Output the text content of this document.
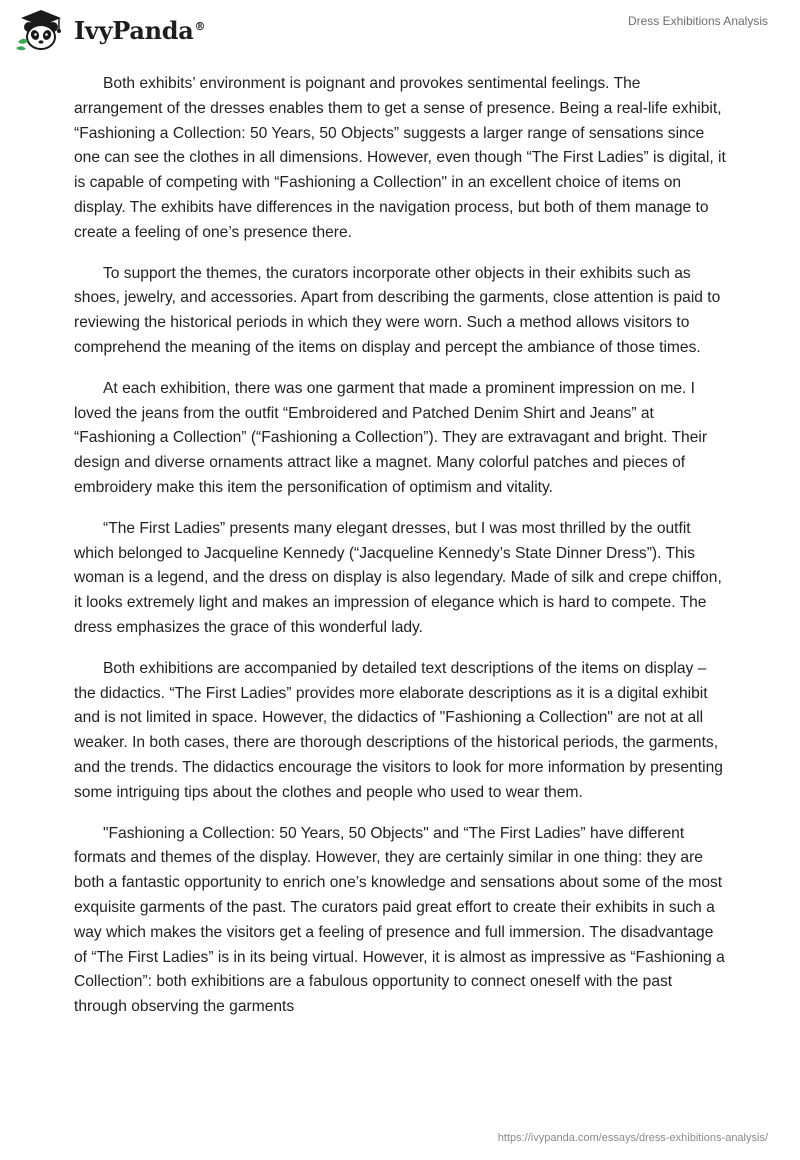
IvyPanda®	Dress Exhibitions Analysis

Both exhibits’ environment is poignant and provokes sentimental feelings. The arrangement of the dresses enables them to get a sense of presence. Being a real-life exhibit, “Fashioning a Collection: 50 Years, 50 Objects” suggests a larger range of sensations since one can see the clothes in all dimensions. However, even though “The First Ladies” is digital, it is capable of competing with “Fashioning a Collection" in an excellent choice of items on display. The exhibits have differences in the navigation process, but both of them manage to create a feeling of one’s presence there.

To support the themes, the curators incorporate other objects in their exhibits such as shoes, jewelry, and accessories. Apart from describing the garments, close attention is paid to reviewing the historical periods in which they were worn. Such a method allows visitors to comprehend the meaning of the items on display and percept the ambiance of those times.

At each exhibition, there was one garment that made a prominent impression on me. I loved the jeans from the outfit “Embroidered and Patched Denim Shirt and Jeans” at “Fashioning a Collection” (“Fashioning a Collection”). They are extravagant and bright. Their design and diverse ornaments attract like a magnet. Many colorful patches and pieces of embroidery make this item the personification of optimism and vitality.

“The First Ladies” presents many elegant dresses, but I was most thrilled by the outfit which belonged to Jacqueline Kennedy (“Jacqueline Kennedy’s State Dinner Dress”). This woman is a legend, and the dress on display is also legendary. Made of silk and crepe chiffon, it looks extremely light and makes an impression of elegance which is hard to compete. The dress emphasizes the grace of this wonderful lady.

Both exhibitions are accompanied by detailed text descriptions of the items on display – the didactics. “The First Ladies” provides more elaborate descriptions as it is a digital exhibit and is not limited in space. However, the didactics of "Fashioning a Collection" are not at all weaker. In both cases, there are thorough descriptions of the historical periods, the garments, and the trends. The didactics encourage the visitors to look for more information by presenting some intriguing tips about the clothes and people who used to wear them.

"Fashioning a Collection: 50 Years, 50 Objects" and “The First Ladies” have different formats and themes of the display. However, they are certainly similar in one thing: they are both a fantastic opportunity to enrich one’s knowledge and sensations about some of the most exquisite garments of the past. The curators paid great effort to create their exhibits in such a way which makes the visitors get a feeling of presence and full immersion. The disadvantage of “The First Ladies” is in its being virtual. However, it is almost as impressive as “Fashioning a Collection”: both exhibitions are a fabulous opportunity to connect oneself with the past through observing the garments

https://ivypanda.com/essays/dress-exhibitions-analysis/
